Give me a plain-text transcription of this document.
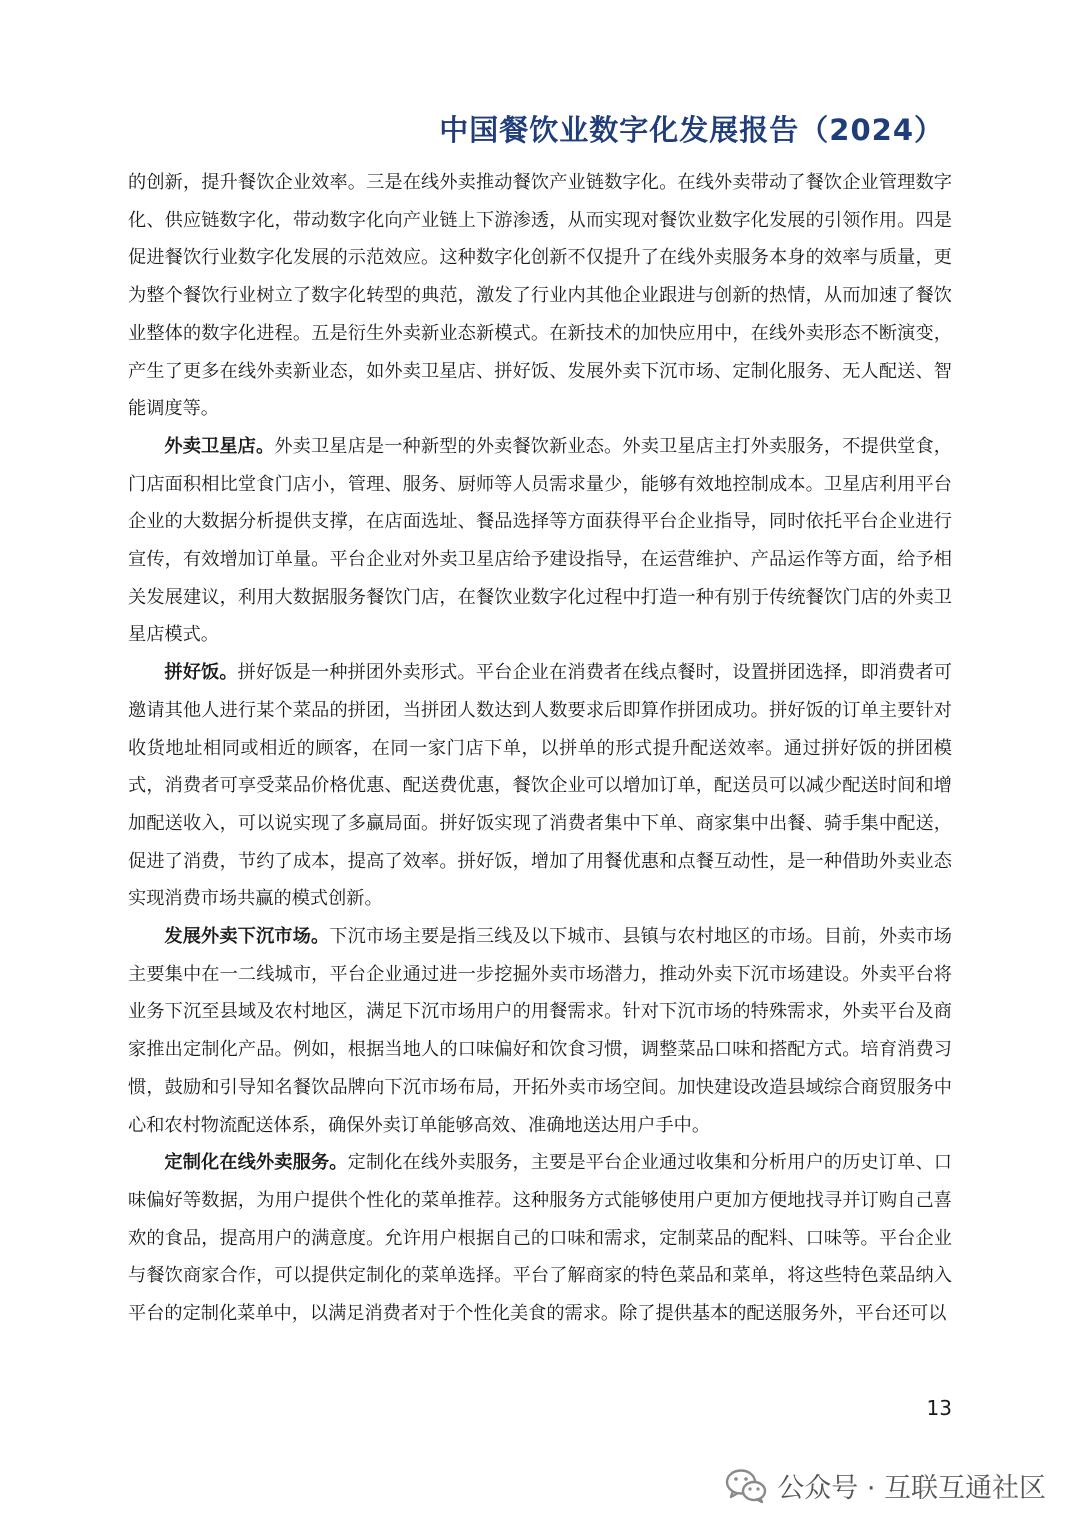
中国餐饮业数字化发展报告（2024）

的创新，提升餐饮企业效率。三是在线外卖推动餐饮产业链数字化。在线外卖带动了餐饮企业管理数字化、供应链数字化，带动数字化向产业链上下游渗透，从而实现对餐饮业数字化发展的引领作用。四是促进餐饮行业数字化发展的示范效应。这种数字化创新不仅提升了在线外卖服务本身的效率与质量，更为整个餐饮行业树立了数字化转型的典范，激发了行业内其他企业跟进与创新的热情，从而加速了餐饮业整体的数字化进程。五是衍生外卖新业态新模式。在新技术的加快应用中，在线外卖形态不断演变，产生了更多在线外卖新业态，如外卖卫星店、拼好饭、发展外卖下沉市场、定制化服务、无人配送、智能调度等。

外卖卫星店。外卖卫星店是一种新型的外卖餐饮新业态。外卖卫星店主打外卖服务，不提供堂食，门店面积相比堂食门店小，管理、服务、厨师等人员需求量少，能够有效地控制成本。卫星店利用平台企业的大数据分析提供支撑，在店面选址、餐品选择等方面获得平台企业指导，同时依托平台企业进行宣传，有效增加订单量。平台企业对外卖卫星店给予建设指导，在运营维护、产品运作等方面，给予相关发展建议，利用大数据服务餐饮门店，在餐饮业数字化过程中打造一种有别于传统餐饮门店的外卖卫星店模式。

拼好饭。拼好饭是一种拼团外卖形式。平台企业在消费者在线点餐时，设置拼团选择，即消费者可邀请其他人进行某个菜品的拼团，当拼团人数达到人数要求后即算作拼团成功。拼好饭的订单主要针对收货地址相同或相近的顾客，在同一家门店下单，以拼单的形式提升配送效率。通过拼好饭的拼团模式，消费者可享受菜品价格优惠、配送费优惠，餐饮企业可以增加订单，配送员可以减少配送时间和增加配送收入，可以说实现了多赢局面。拼好饭实现了消费者集中下单、商家集中出餐、骑手集中配送，促进了消费，节约了成本，提高了效率。拼好饭，增加了用餐优惠和点餐互动性，是一种借助外卖业态实现消费市场共赢的模式创新。

发展外卖下沉市场。下沉市场主要是指三线及以下城市、县镇与农村地区的市场。目前，外卖市场主要集中在一二线城市，平台企业通过进一步挖掘外卖市场潜力，推动外卖下沉市场建设。外卖平台将业务下沉至县域及农村地区，满足下沉市场用户的用餐需求。针对下沉市场的特殊需求，外卖平台及商家推出定制化产品。例如，根据当地人的口味偏好和饮食习惯，调整菜品口味和搭配方式。培育消费习惯，鼓励和引导知名餐饮品牌向下沉市场布局，开拓外卖市场空间。加快建设改造县域综合商贸服务中心和农村物流配送体系，确保外卖订单能够高效、准确地送达用户手中。

定制化在线外卖服务。定制化在线外卖服务，主要是平台企业通过收集和分析用户的历史订单、口味偏好等数据，为用户提供个性化的菜单推荐。这种服务方式能够使用户更加方便地找寻并订购自己喜欢的食品，提高用户的满意度。允许用户根据自己的口味和需求，定制菜品的配料、口味等。平台企业与餐饮商家合作，可以提供定制化的菜单选择。平台了解商家的特色菜品和菜单，将这些特色菜品纳入平台的定制化菜单中，以满足消费者对于个性化美食的需求。除了提供基本的配送服务外，平台还可以

13
公众号 · 互联互通社区
